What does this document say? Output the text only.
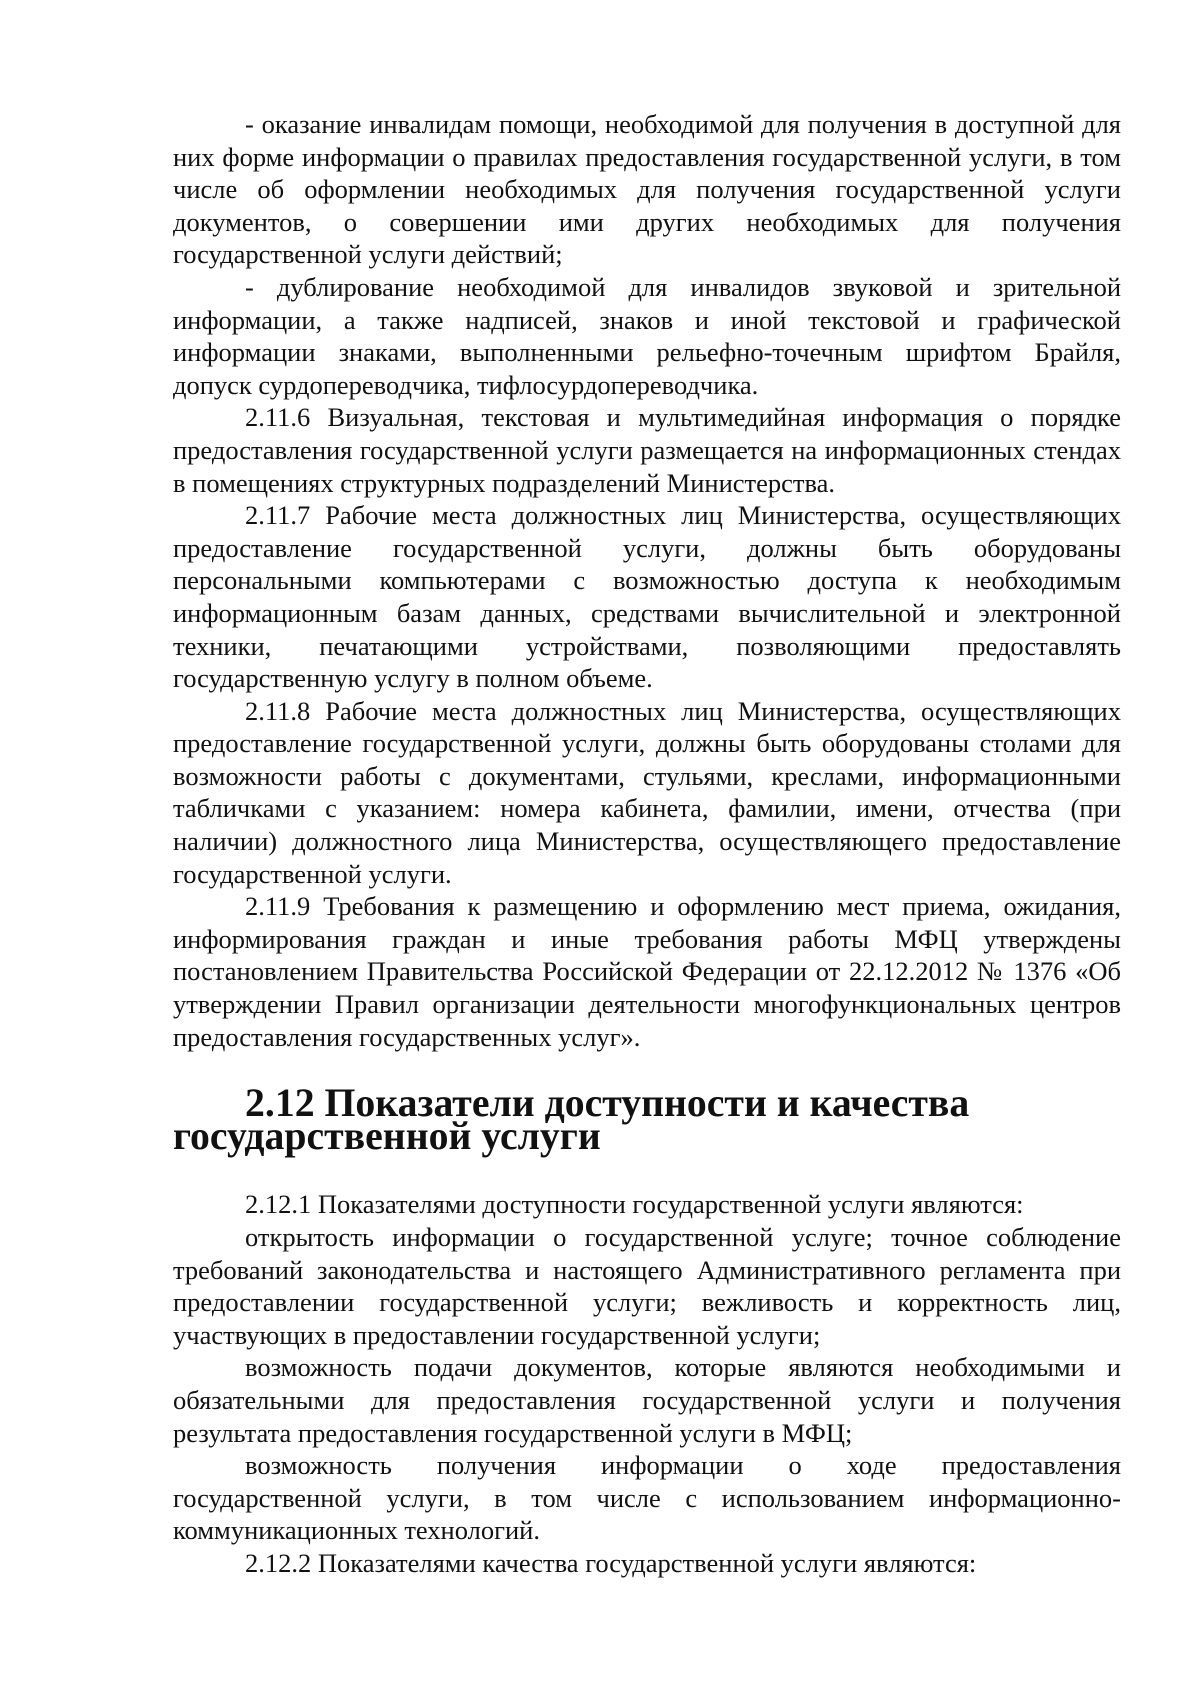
- оказание инвалидам помощи, необходимой для получения в доступной для них форме информации о правилах предоставления государственной услуги, в том числе об оформлении необходимых для получения государственной услуги документов, о совершении ими других необходимых для получения государственной услуги действий;

- дублирование необходимой для инвалидов звуковой и зрительной информации, а также надписей, знаков и иной текстовой и графической информации знаками, выполненными рельефно-точечным шрифтом Брайля, допуск сурдопереводчика, тифлосурдопереводчика.

2.11.6 Визуальная, текстовая и мультимедийная информация о порядке предоставления государственной услуги размещается на информационных стендах в помещениях структурных подразделений Министерства.

2.11.7 Рабочие места должностных лиц Министерства, осуществляющих предоставление государственной услуги, должны быть оборудованы персональными компьютерами с возможностью доступа к необходимым информационным базам данных, средствами вычислительной и электронной техники, печатающими устройствами, позволяющими предоставлять государственную услугу в полном объеме.

2.11.8 Рабочие места должностных лиц Министерства, осуществляющих предоставление государственной услуги, должны быть оборудованы столами для возможности работы с документами, стульями, креслами, информационными табличками с указанием: номера кабинета, фамилии, имени, отчества (при наличии) должностного лица Министерства, осуществляющего предоставление государственной услуги.

2.11.9 Требования к размещению и оформлению мест приема, ожидания, информирования граждан и иные требования работы МФЦ утверждены постановлением Правительства Российской Федерации от 22.12.2012 № 1376 «Об утверждении Правил организации деятельности многофункциональных центров предоставления государственных услуг».

2.12 Показатели доступности и качества государственной услуги

2.12.1 Показателями доступности государственной услуги являются:

открытость информации о государственной услуге; точное соблюдение требований законодательства и настоящего Административного регламента при предоставлении государственной услуги; вежливость и корректность лиц, участвующих в предоставлении государственной услуги;

возможность подачи документов, которые являются необходимыми и обязательными для предоставления государственной услуги и получения результата предоставления государственной услуги в МФЦ;

возможность получения информации о ходе предоставления государственной услуги, в том числе с использованием информационно-коммуникационных технологий.

2.12.2 Показателями качества государственной услуги являются:
